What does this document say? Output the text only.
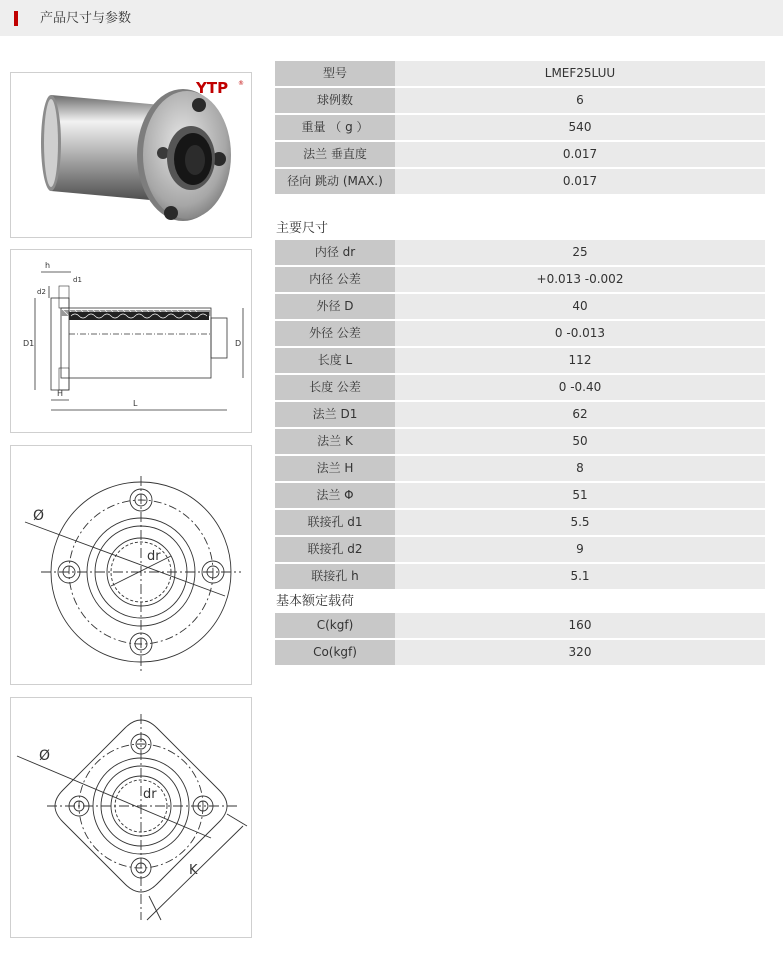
产品尺寸与参数
YTP ®
D1	D
H
L
h
d1
d2
Ø
dr
Ø
dr
K
型号	LMEF25LUU
球例数	6
重量 （ g ）	540
法兰 垂直度	0.017
径向 跳动 (MAX.)	0.017
主要尺寸
内径 dr	25
内径 公差	+0.013 -0.002
外径 D	40
外径 公差	0 -0.013
长度 L	112
长度 公差	0 -0.40
法兰 D1	62
法兰 K	50
法兰 H	8
法兰 Φ	51
联接孔 d1	5.5
联接孔 d2	9
联接孔 h	5.1
基本额定载荷
C(kgf)	160
Co(kgf)	320
